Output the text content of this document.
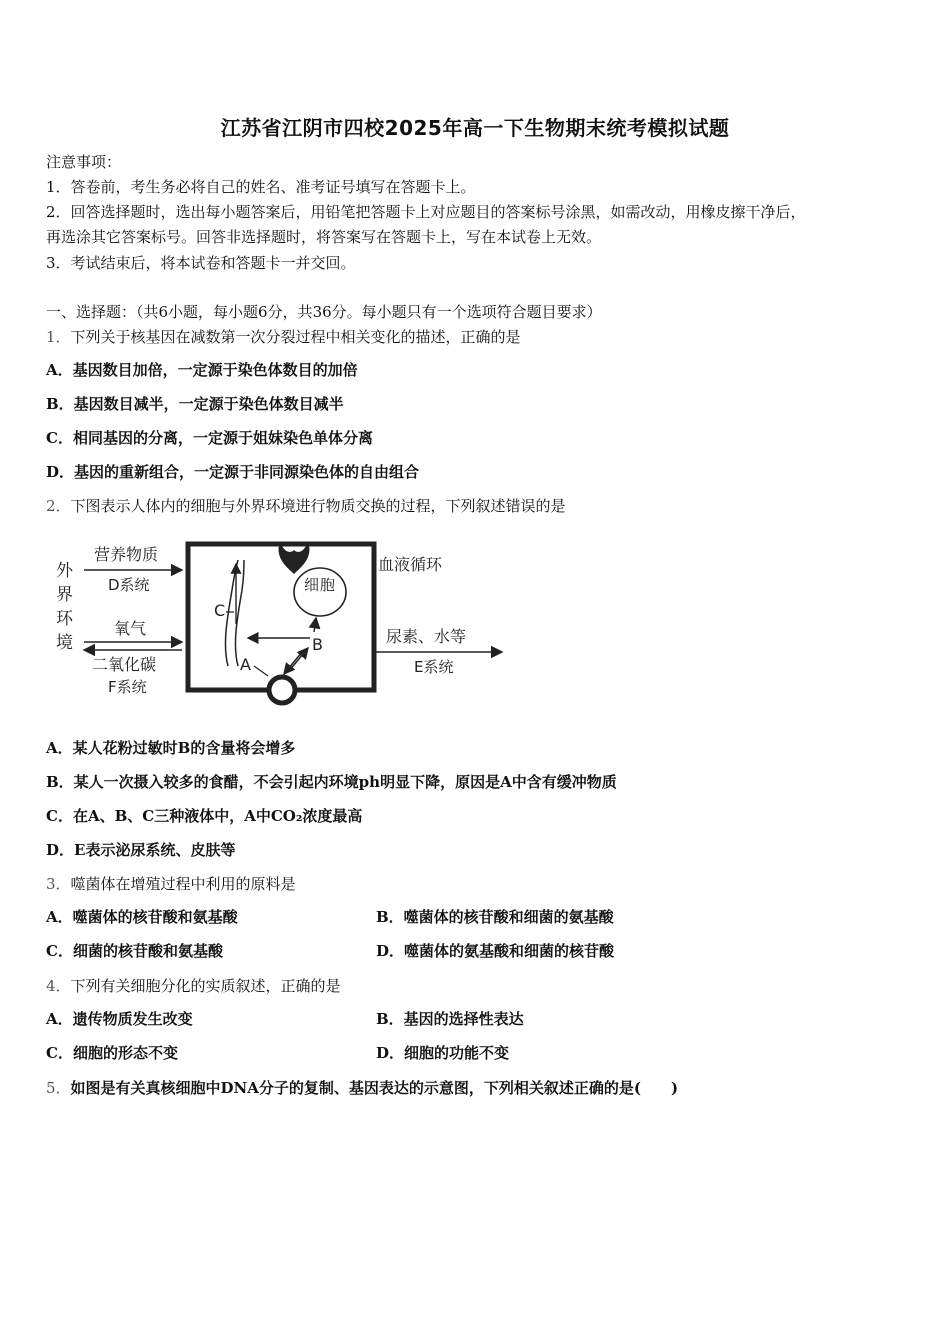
江苏省江阴市四校2025年高一下生物期末统考模拟试题
注意事项：
1．答卷前，考生务必将自己的姓名、准考证号填写在答题卡上。
2．回答选择题时，选出每小题答案后，用铅笔把答题卡上对应题目的答案标号涂黑，如需改动，用橡皮擦干净后，
再选涂其它答案标号。回答非选择题时，将答案写在答题卡上，写在本试卷上无效。
3．考试结束后，将本试卷和答题卡一并交回。
一、选择题：（共6小题，每小题6分，共36分。每小题只有一个选项符合题目要求）
1．下列关于核基因在减数第一次分裂过程中相关变化的描述，正确的是
A．基因数目加倍，一定源于染色体数目的加倍
B．基因数目减半，一定源于染色体数目减半
C．相同基因的分离，一定源于姐妹染色单体分离
D．基因的重新组合，一定源于非同源染色体的自由组合
2．下图表示人体内的细胞与外界环境进行物质交换的过程，下列叙述错误的是
外
界
环
境
营养物质
D系统
氧气
二氧化碳
F系统
C
细 胞
B
A
血液循环
尿素、水等
E系统
A．某人花粉过敏时B的含量将会增多
B．某人一次摄入较多的食醋，不会引起内环境ph明显下降，原因是A中含有缓冲物质
C．在A、B、C三种液体中，A中CO₂浓度最高
D．E表示泌尿系统、皮肤等
3．噬菌体在增殖过程中利用的原料是
A．噬菌体的核苷酸和氨基酸	B．噬菌体的核苷酸和细菌的氨基酸
C．细菌的核苷酸和氨基酸	D．噬菌体的氨基酸和细菌的核苷酸
4．下列有关细胞分化的实质叙述，正确的是
A．遗传物质发生改变	B．基因的选择性表达
C．细胞的形态不变	D．细胞的功能不变
5．如图是有关真核细胞中DNA分子的复制、基因表达的示意图，下列相关叙述正确的是(　　)
